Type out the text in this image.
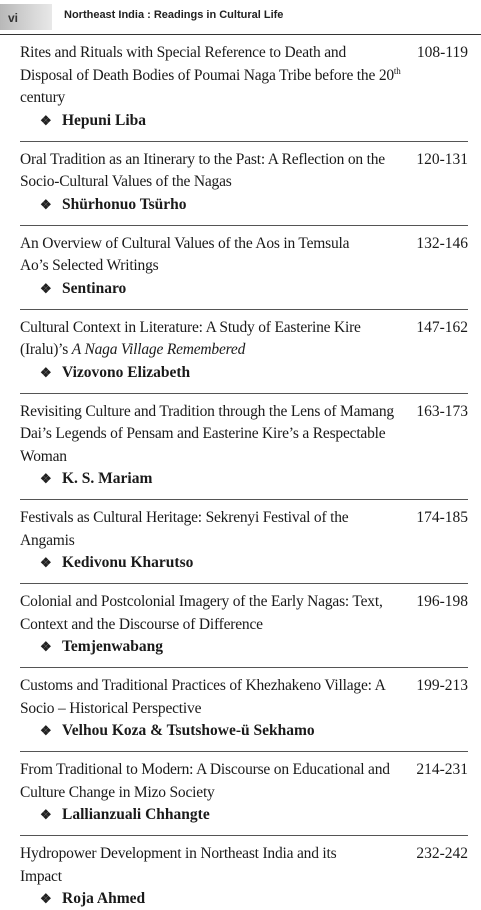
vi	Northeast India : Readings in Cultural Life
Rites and Rituals with Special Reference to Death and Disposal of Death Bodies of Poumai Naga Tribe before the 20th century
❖ Hepuni Liba
108-119
Oral Tradition as an Itinerary to the Past: A Reflection on the Socio-Cultural Values of the Nagas
❖ Shürhonuo Tsürho
120-131
An Overview of Cultural Values of the Aos in Temsula Ao’s Selected Writings
❖ Sentinaro
132-146
Cultural Context in Literature: A Study of Easterine Kire (Iralu)’s A Naga Village Remembered
❖ Vizovono Elizabeth
147-162
Revisiting Culture and Tradition through the Lens of Mamang Dai’s Legends of Pensam and Easterine Kire’s a Respectable Woman
❖ K. S. Mariam
163-173
Festivals as Cultural Heritage: Sekrenyi Festival of the Angamis
❖ Kedivonu Kharutso
174-185
Colonial and Postcolonial Imagery of the Early Nagas: Text, Context and the Discourse of Difference
❖ Temjenwabang
196-198
Customs and Traditional Practices of Khezhakeno Village: A Socio – Historical Perspective
❖ Velhou Koza & Tsutshowe-ü Sekhamo
199-213
From Traditional to Modern: A Discourse on Educational and Culture Change in Mizo Society
❖ Lallianzuali Chhangte
214-231
Hydropower Development in Northeast India and its Impact
❖ Roja Ahmed
232-242
